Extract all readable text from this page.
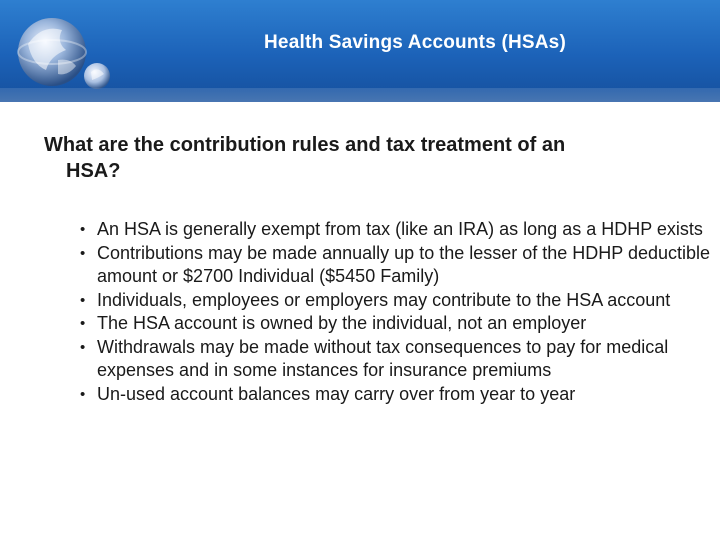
Health Savings Accounts (HSAs)
What are the contribution rules and tax treatment of an
HSA?
• An HSA is generally exempt from tax (like an IRA) as long as a HDHP exists
• Contributions may be made annually up to the lesser of the HDHP deductible amount or $2700 Individual ($5450 Family)
• Individuals, employees or employers may contribute to the HSA account
• The HSA account is owned by the individual, not an employer
• Withdrawals may be made without tax consequences to pay for medical expenses and in some instances for insurance premiums
• Un-used account balances may carry over from year to year
